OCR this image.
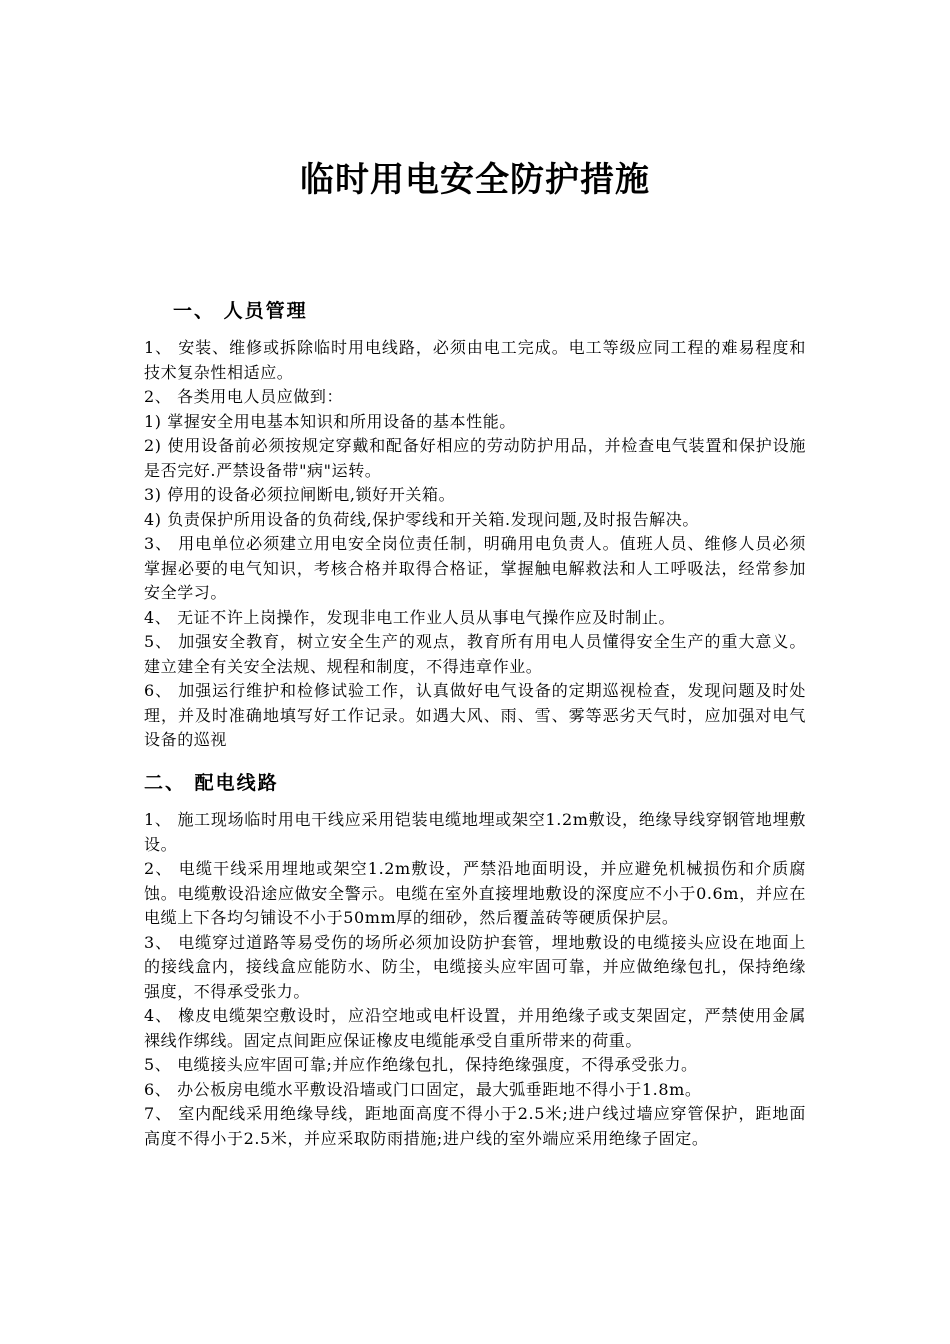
临时用电安全防护措施
一、 人员管理

1、 安装、维修或拆除临时用电线路，必须由电工完成。电工等级应同工程的难易程度和技术复杂性相适应。

2、 各类用电人员应做到：

1) 掌握安全用电基本知识和所用设备的基本性能。

2) 使用设备前必须按规定穿戴和配备好相应的劳动防护用品，并检查电气装置和保护设施是否完好.严禁设备带"病"运转。

3) 停用的设备必须拉闸断电,锁好开关箱。

4) 负责保护所用设备的负荷线,保护零线和开关箱.发现问题,及时报告解决。

3、 用电单位必须建立用电安全岗位责任制，明确用电负责人。值班人员、维修人员必须掌握必要的电气知识，考核合格并取得合格证，掌握触电解救法和人工呼吸法，经常参加安全学习。

4、 无证不许上岗操作，发现非电工作业人员从事电气操作应及时制止。

5、 加强安全教育，树立安全生产的观点，教育所有用电人员懂得安全生产的重大意义。建立建全有关安全法规、规程和制度，不得违章作业。

6、 加强运行维护和检修试验工作，认真做好电气设备的定期巡视检查，发现问题及时处理，并及时准确地填写好工作记录。如遇大风、雨、雪、雾等恶劣天气时，应加强对电气设备的巡视

二、 配电线路

1、 施工现场临时用电干线应采用铠装电缆地埋或架空1.2m敷设，绝缘导线穿钢管地埋敷设。

2、 电缆干线采用埋地或架空1.2m敷设，严禁沿地面明设，并应避免机械损伤和介质腐蚀。电缆敷设沿途应做安全警示。电缆在室外直接埋地敷设的深度应不小于0.6m，并应在电缆上下各均匀铺设不小于50mm厚的细砂，然后覆盖砖等硬质保护层。

3、 电缆穿过道路等易受伤的场所必须加设防护套管，埋地敷设的电缆接头应设在地面上的接线盒内，接线盒应能防水、防尘，电缆接头应牢固可靠，并应做绝缘包扎，保持绝缘强度，不得承受张力。

4、 橡皮电缆架空敷设时，应沿空地或电杆设置，并用绝缘子或支架固定，严禁使用金属裸线作绑线。固定点间距应保证橡皮电缆能承受自重所带来的荷重。

5、 电缆接头应牢固可靠;并应作绝缘包扎，保持绝缘强度，不得承受张力。

6、 办公板房电缆水平敷设沿墙或门口固定，最大弧垂距地不得小于1.8m。

7、 室内配线采用绝缘导线，距地面高度不得小于2.5米;进户线过墙应穿管保护，距地面高度不得小于2.5米，并应采取防雨措施;进户线的室外端应采用绝缘子固定。
